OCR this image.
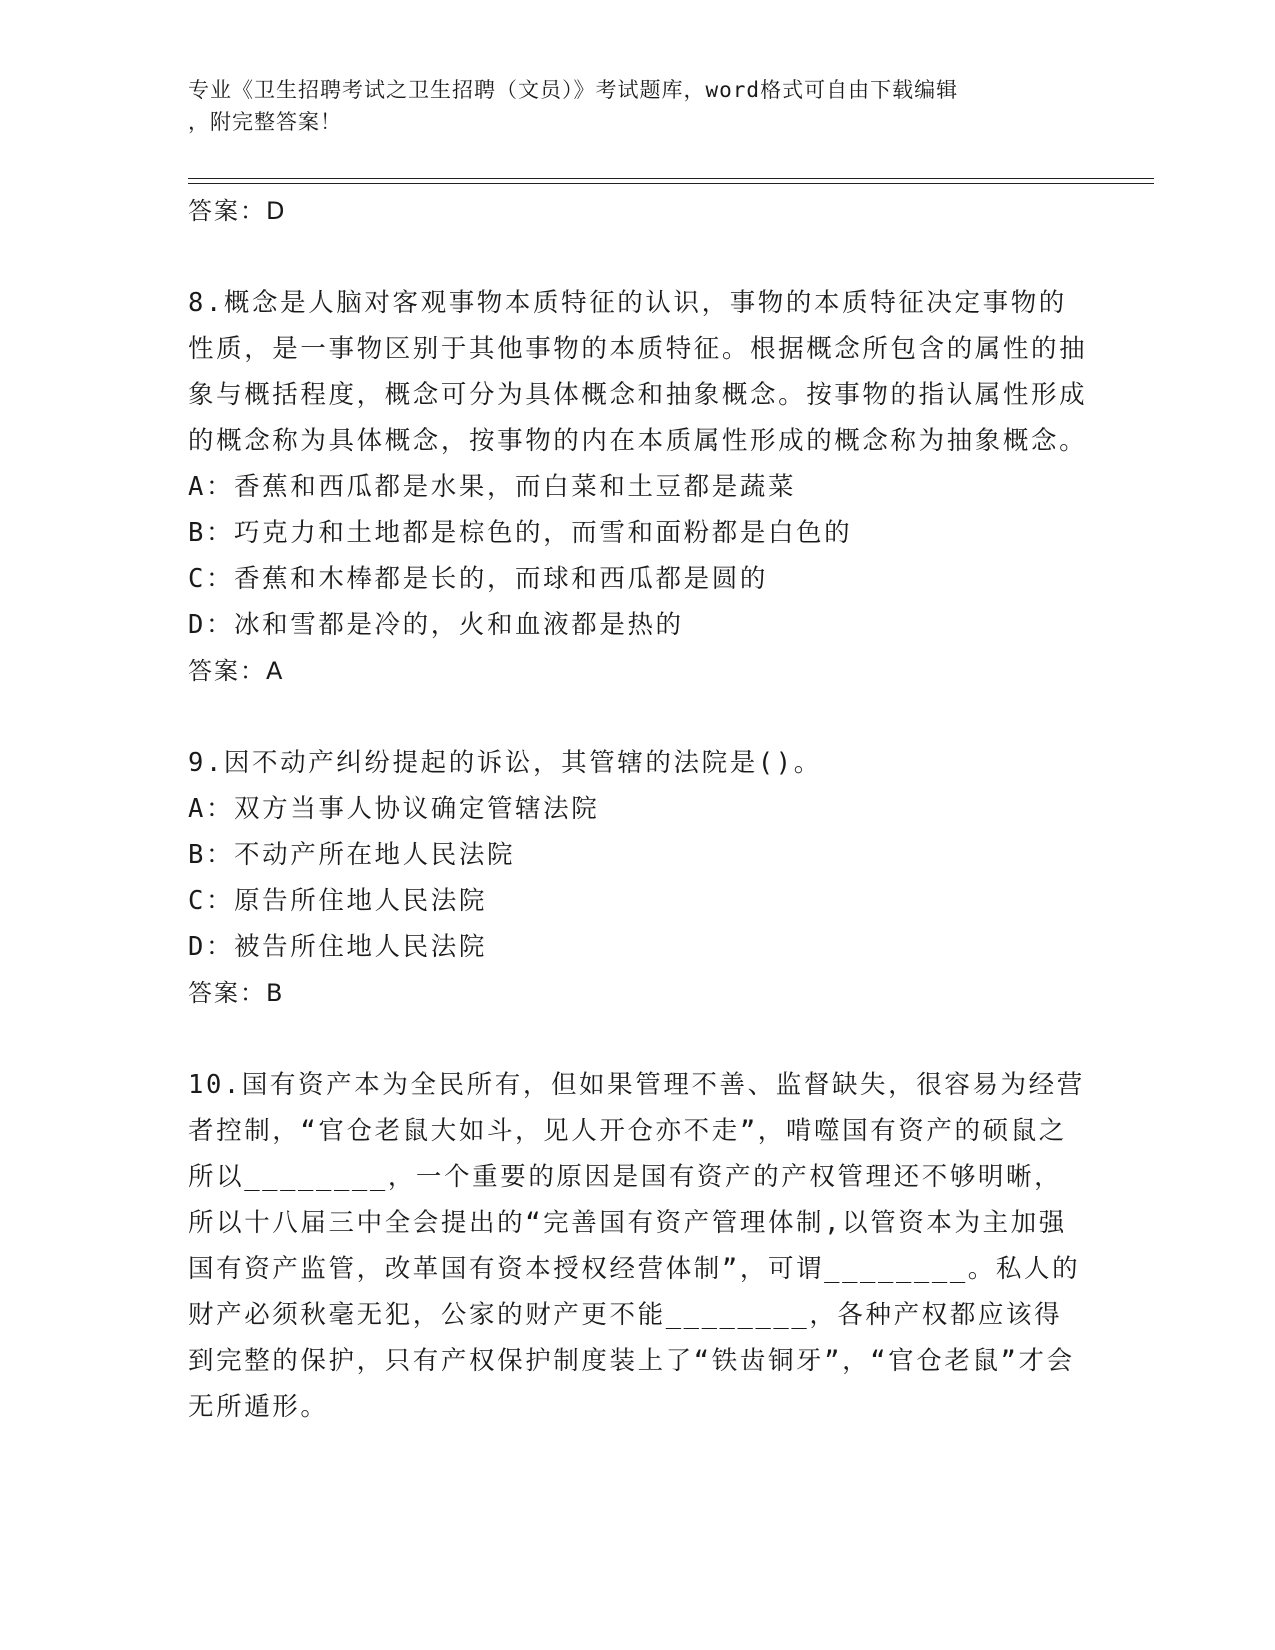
专业《卫生招聘考试之卫生招聘（文员）》考试题库，word格式可自由下载编辑
，附完整答案！
答案：D
8.概念是人脑对客观事物本质特征的认识，事物的本质特征决定事物的性质，是一事物区别于其他事物的本质特征。根据概念所包含的属性的抽象与概括程度，概念可分为具体概念和抽象概念。按事物的指认属性形成的概念称为具体概念，按事物的内在本质属性形成的概念称为抽象概念。
A：香蕉和西瓜都是水果，而白菜和土豆都是蔬菜
B：巧克力和土地都是棕色的，而雪和面粉都是白色的
C：香蕉和木棒都是长的，而球和西瓜都是圆的
D：冰和雪都是冷的，火和血液都是热的
答案：A
9.因不动产纠纷提起的诉讼，其管辖的法院是()。
A：双方当事人协议确定管辖法院
B：不动产所在地人民法院
C：原告所住地人民法院
D：被告所住地人民法院
答案：B
10.国有资产本为全民所有，但如果管理不善、监督缺失，很容易为经营者控制，“官仓老鼠大如斗，见人开仓亦不走”，啃噬国有资产的硕鼠之所以________，一个重要的原因是国有资产的产权管理还不够明晰，所以十八届三中全会提出的“完善国有资产管理体制,以管资本为主加强国有资产监管，改革国有资本授权经营体制”，可谓________。私人的财产必须秋毫无犯，公家的财产更不能________，各种产权都应该得到完整的保护，只有产权保护制度装上了“铁齿铜牙”，“官仓老鼠”才会无所遁形。
